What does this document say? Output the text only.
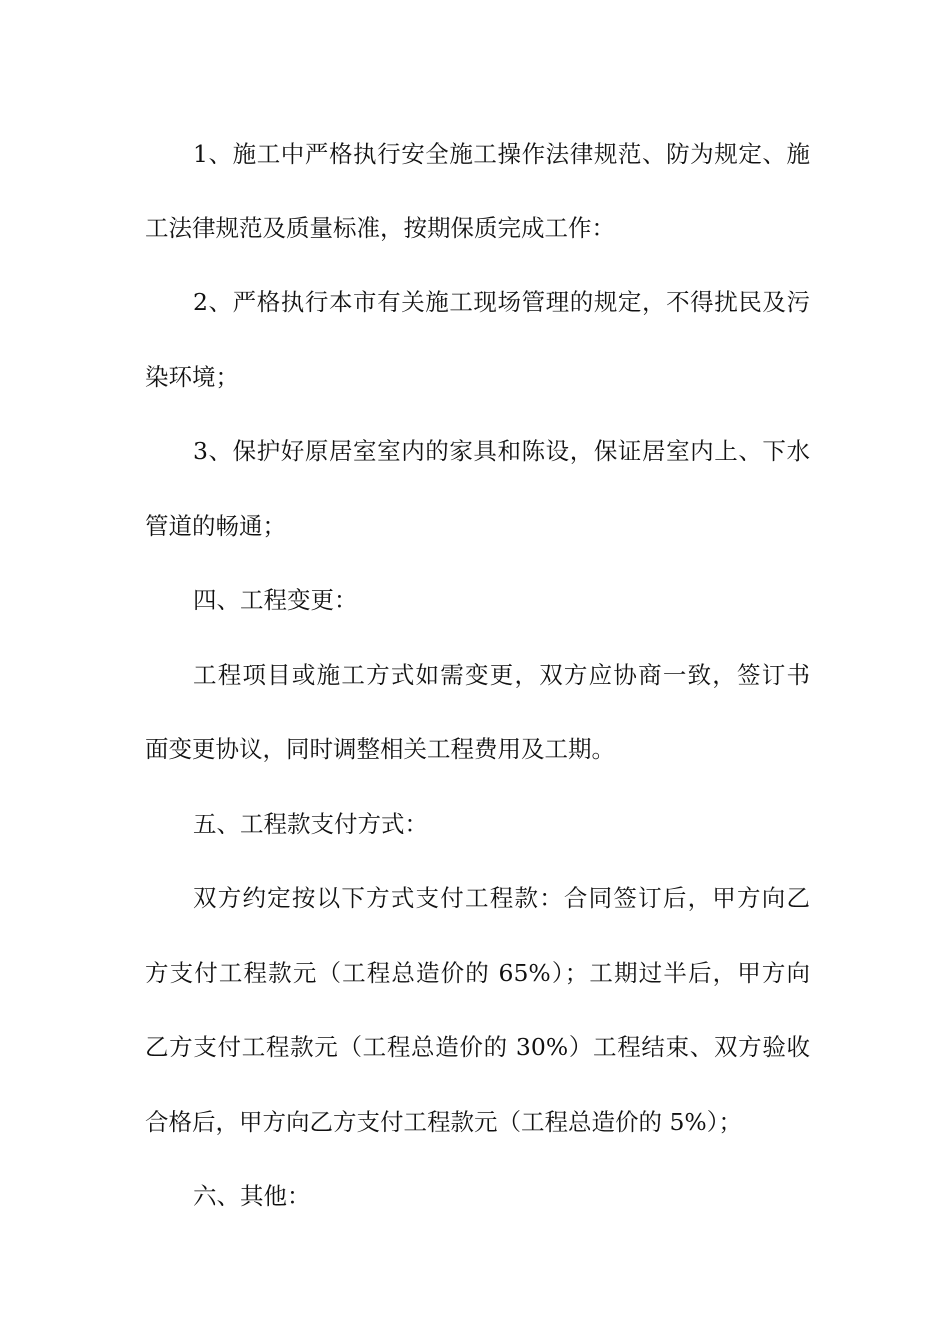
1、施工中严格执行安全施工操作法律规范、防为规定、施
工法律规范及质量标准，按期保质完成工作：
2、严格执行本市有关施工现场管理的规定，不得扰民及污
染环境；
3、保护好原居室室内的家具和陈设，保证居室内上、下水
管道的畅通；
四、工程变更：
工程项目或施工方式如需变更，双方应协商一致，签订书
面变更协议，同时调整相关工程费用及工期。
五、工程款支付方式：
双方约定按以下方式支付工程款：合同签订后，甲方向乙
方支付工程款元（工程总造价的 65%）；工期过半后，甲方向
乙方支付工程款元（工程总造价的 30%）工程结束、双方验收
合格后，甲方向乙方支付工程款元（工程总造价的 5%）；
六、其他：
